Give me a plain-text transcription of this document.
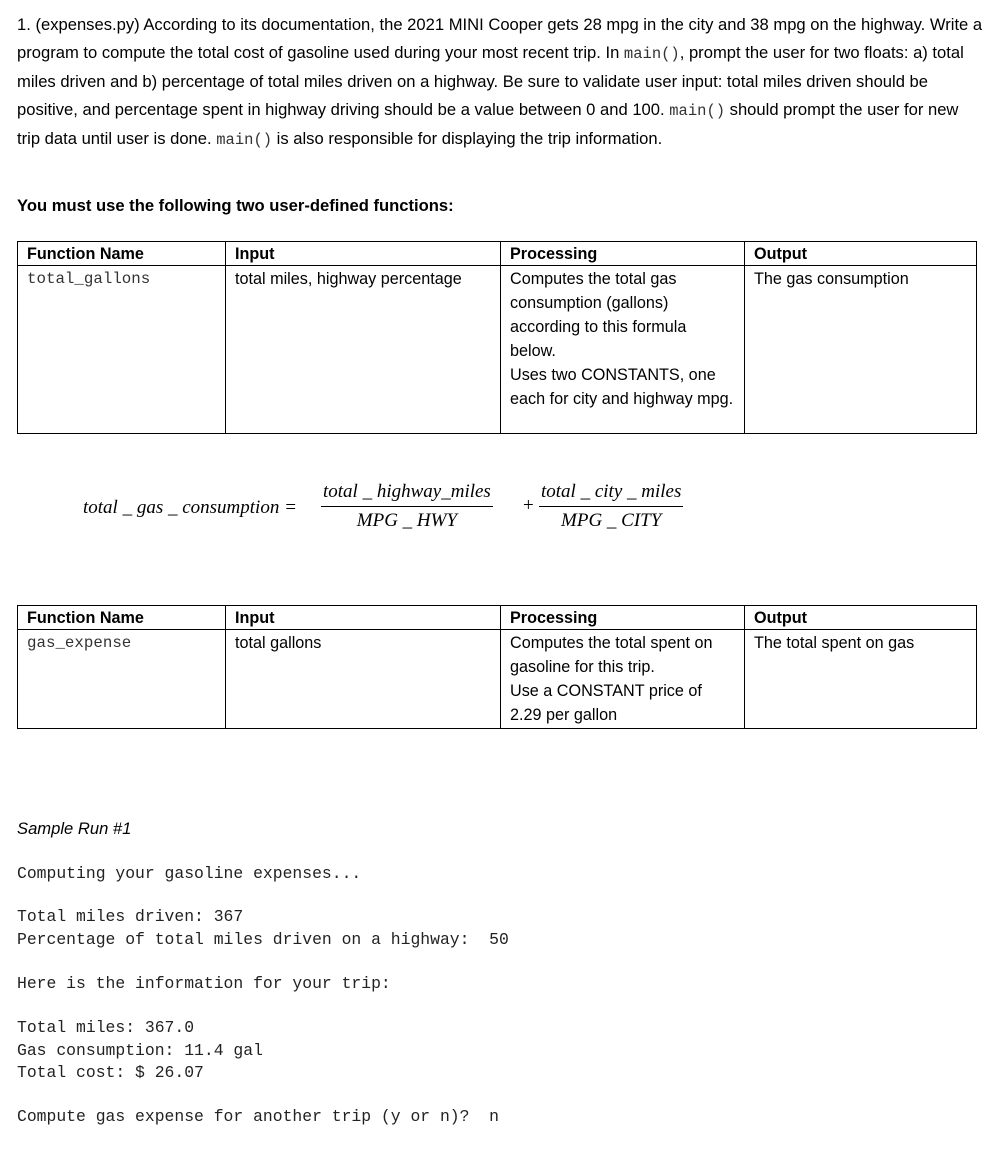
1. (expenses.py) According to its documentation, the 2021 MINI Cooper gets 28 mpg in the city and 38 mpg on the highway. Write a program to compute the total cost of gasoline used during your most recent trip. In main(), prompt the user for two floats: a) total miles driven and b) percentage of total miles driven on a highway. Be sure to validate user input: total miles driven should be positive, and percentage spent in highway driving should be a value between 0 and 100. main() should prompt the user for new trip data until user is done. main() is also responsible for displaying the trip information.
You must use the following two user-defined functions:
Function Name	Input	Processing	Output
total_gallons	total miles, highway percentage	Computes the total gas consumption (gallons) according to this formula below.
Uses two CONSTANTS, one each for city and highway mpg.	The gas consumption
total _ gas _ consumption =
total _ highway_miles
MPG _ HWY
+
total _ city _ miles
MPG _ CITY
Function Name	Input	Processing	Output
gas_expense	total gallons	Computes the total spent on gasoline for this trip.
Use a CONSTANT price of 2.29 per gallon	The total spent on gas
Sample Run #1
Computing your gasoline expenses...
Total miles driven: 367
Percentage of total miles driven on a highway:  50
Here is the information for your trip:
Total miles: 367.0
Gas consumption: 11.4 gal
Total cost: $ 26.07
Compute gas expense for another trip (y or n)?  n
